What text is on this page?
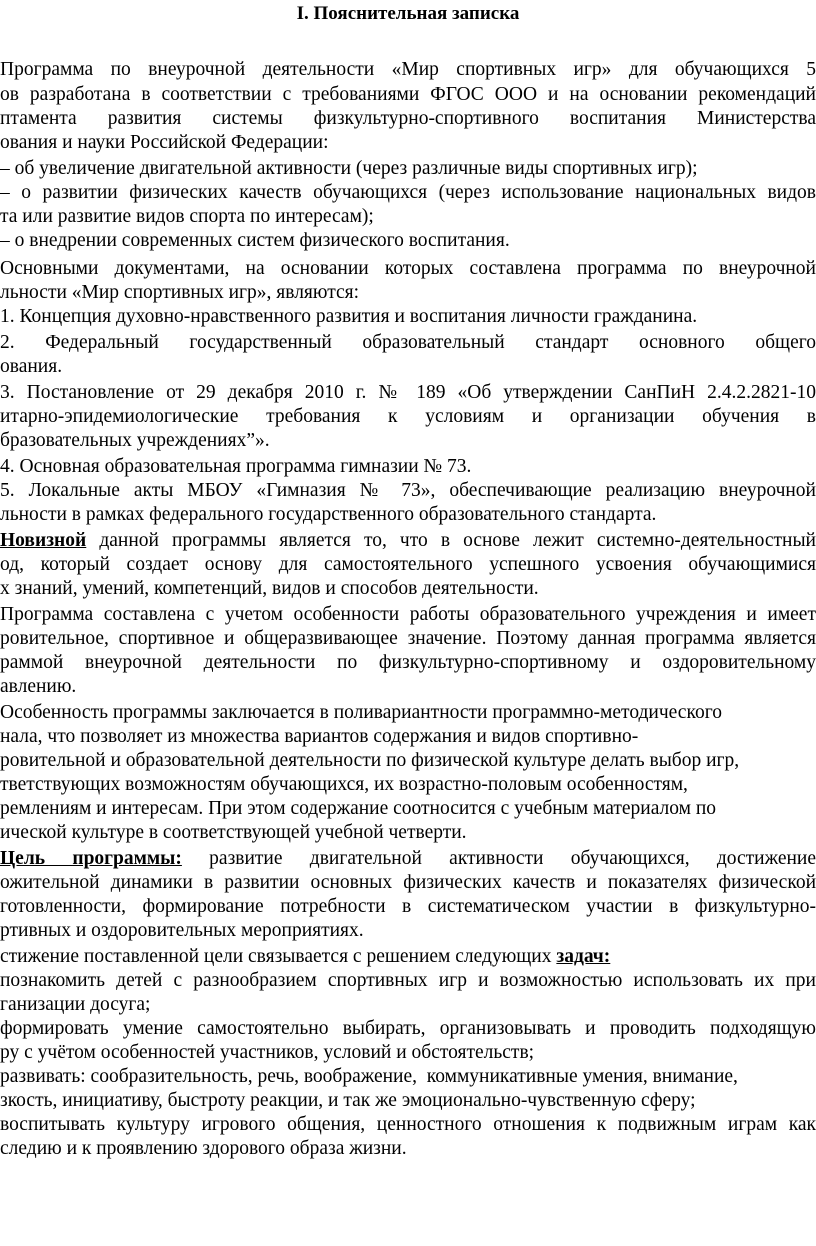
I. Пояснительная записка

Программа по внеурочной деятельности «Мир спортивных игр» для обучающихся 5

ов разработана в соответствии с требованиями ФГОС ООО и на основании рекомендаций

птамента развития системы физкультурно-спортивного воспитания Министерства

ования и науки Российской Федерации:

– об увеличение двигательной активности (через различные виды спортивных игр);

– о развитии физических качеств обучающихся (через использование национальных видов

та или развитие видов спорта по интересам);

– о внедрении современных систем физического воспитания.

Основными документами, на основании которых составлена программа по внеурочной

льности «Мир спортивных игр», являются:

1. Концепция духовно-нравственного развития и воспитания личности гражданина.

2. Федеральный государственный образовательный стандарт основного общего

ования.

3. Постановление от 29 декабря 2010 г. № 189 «Об утверждении СанПиН 2.4.2.2821-10

итарно-эпидемиологические требования к условиям и организации обучения в

бразовательных учреждениях”».

4. Основная образовательная программа гимназии № 73.

5. Локальные акты МБОУ «Гимназия № 73», обеспечивающие реализацию внеурочной

льности в рамках федерального государственного образовательного стандарта.

Новизной данной программы является то, что в основе лежит системно-деятельностный

од, который создает основу для самостоятельного успешного усвоения обучающимися

х знаний, умений, компетенций, видов и способов деятельности.

Программа составлена с учетом особенности работы образовательного учреждения и имеет

ровительное, спортивное и общеразвивающее значение. Поэтому данная программа является

раммой внеурочной деятельности по физкультурно-спортивному и оздоровительному

авлению.

Особенность программы заключается в поливариантности программно-методического

нала, что позволяет из множества вариантов содержания и видов спортивно-

ровительной и образовательной деятельности по физической культуре делать выбор игр,

тветствующих возможностям обучающихся, их возрастно-половым особенностям,

ремлениям и интересам. При этом содержание соотносится с учебным материалом по

ической культуре в соответствующей учебной четверти.

Цель программы: развитие двигательной активности обучающихся, достижение

ожительной динамики в развитии основных физических качеств и показателях физической

готовленности, формирование потребности в систематическом участии в физкультурно-

ртивных и оздоровительных мероприятиях.

стижение поставленной цели связывается с решением следующих задач:

познакомить детей с разнообразием спортивных игр и возможностью использовать их при

ганизации досуга;

формировать умение самостоятельно выбирать, организовывать и проводить подходящую

ру с учётом особенностей участников, условий и обстоятельств;

развивать: сообразительность, речь, воображение,  коммуникативные умения, внимание,

зкость, инициативу, быстроту реакции, и так же эмоционально-чувственную сферу;

воспитывать культуру игрового общения, ценностного отношения к подвижным играм как

следию и к проявлению здорового образа жизни.
